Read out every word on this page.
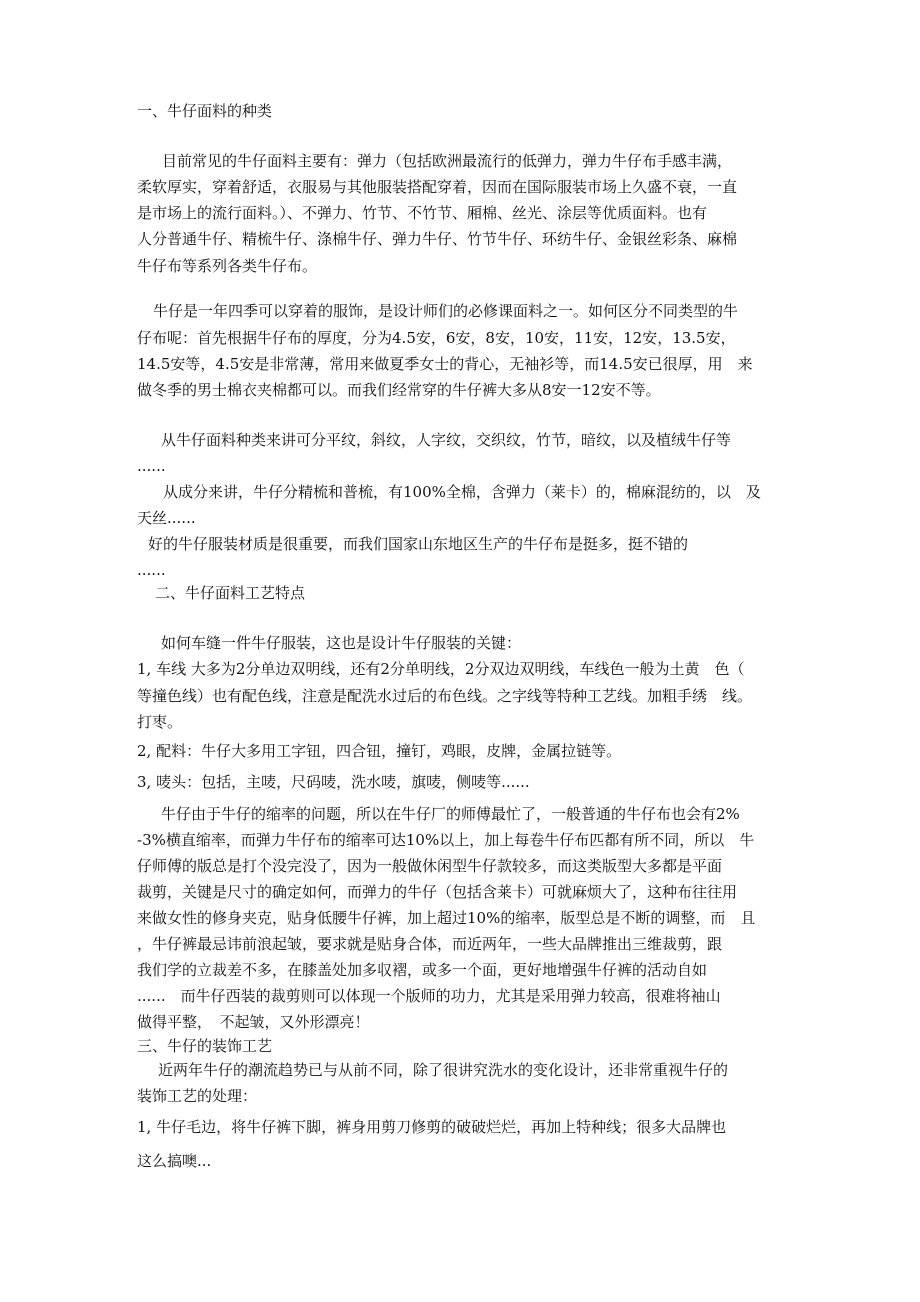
一、牛仔面料的种类
目前常见的牛仔面料主要有：弹力（包括欧洲最流行的低弹力，弹力牛仔布手感丰满，
柔软厚实，穿着舒适，衣服易与其他服装搭配穿着，因而在国际服装市场上久盛不衰，一直
是市场上的流行面料。）、不弹力、竹节、不竹节、厢棉、丝光、涂层等优质面料。也有
人分普通牛仔、精梳牛仔、涤棉牛仔、弹力牛仔、竹节牛仔、环纺牛仔、金银丝彩条、麻棉
牛仔布等系列各类牛仔布。
牛仔是一年四季可以穿着的服饰，是设计师们的必修课面料之一。如何区分不同类型的牛
仔布呢：首先根据牛仔布的厚度，分为4.5安，6安，8安，10安，11安，12安，13.5安，
14.5安等，4.5安是非常薄，常用来做夏季女士的背心，无袖衫等，而14.5安已很厚，用　来
做冬季的男士棉衣夹棉都可以。而我们经常穿的牛仔裤大多从8安一12安不等。
从牛仔面料种类来讲可分平纹，斜纹，人字纹，交织纹，竹节，暗纹，以及植绒牛仔等
......
从成分来讲，牛仔分精梳和普梳，有100%全棉，含弹力（莱卡）的，棉麻混纺的，以　及
天丝......
好的牛仔服装材质是很重要，而我们国家山东地区生产的牛仔布是挺多，挺不错的
......
二、牛仔面料工艺特点
如何车缝一件牛仔服装，这也是设计牛仔服装的关键：
1, 车线 大多为2分单边双明线，还有2分单明线，2分双边双明线，车线色一般为土黄　色（
等撞色线）也有配色线，注意是配洗水过后的布色线。之字线等特种工艺线。加粗手绣　线。
打枣。
2, 配料：牛仔大多用工字钮，四合钮，撞钉，鸡眼，皮牌，金属拉链等。
3, 唛头：包括，主唛，尺码唛，洗水唛，旗唛，侧唛等......
牛仔由于牛仔的缩率的问题，所以在牛仔厂的师傅最忙了，一般普通的牛仔布也会有2%
-3%横直缩率，而弹力牛仔布的缩率可达10%以上，加上每卷牛仔布匹都有所不同，所以　牛
仔师傅的版总是打个没完没了，因为一般做休闲型牛仔款较多，而这类版型大多都是平面
裁剪，关键是尺寸的确定如何，而弹力的牛仔（包括含莱卡）可就麻烦大了，这种布往往用
来做女性的修身夹克，贴身低腰牛仔裤，加上超过10%的缩率，版型总是不断的调整，而　且
，牛仔裤最忌讳前浪起皱，要求就是贴身合体，而近两年，一些大品牌推出三维裁剪，跟
我们学的立裁差不多，在膝盖处加多収褶，或多一个面，更好地增强牛仔裤的活动自如
......　而牛仔西装的裁剪则可以体现一个版师的功力，尤其是采用弹力较高，很难将袖山
做得平整，　不起皱，又外形漂亮！
三、牛仔的装饰工艺
近两年牛仔的潮流趋势已与从前不同，除了很讲究洗水的变化设计，还非常重视牛仔的
装饰工艺的处理：
1, 牛仔毛边，将牛仔裤下脚，裤身用剪刀修剪的破破烂烂，再加上特种线；很多大品牌也
这么搞噢...
